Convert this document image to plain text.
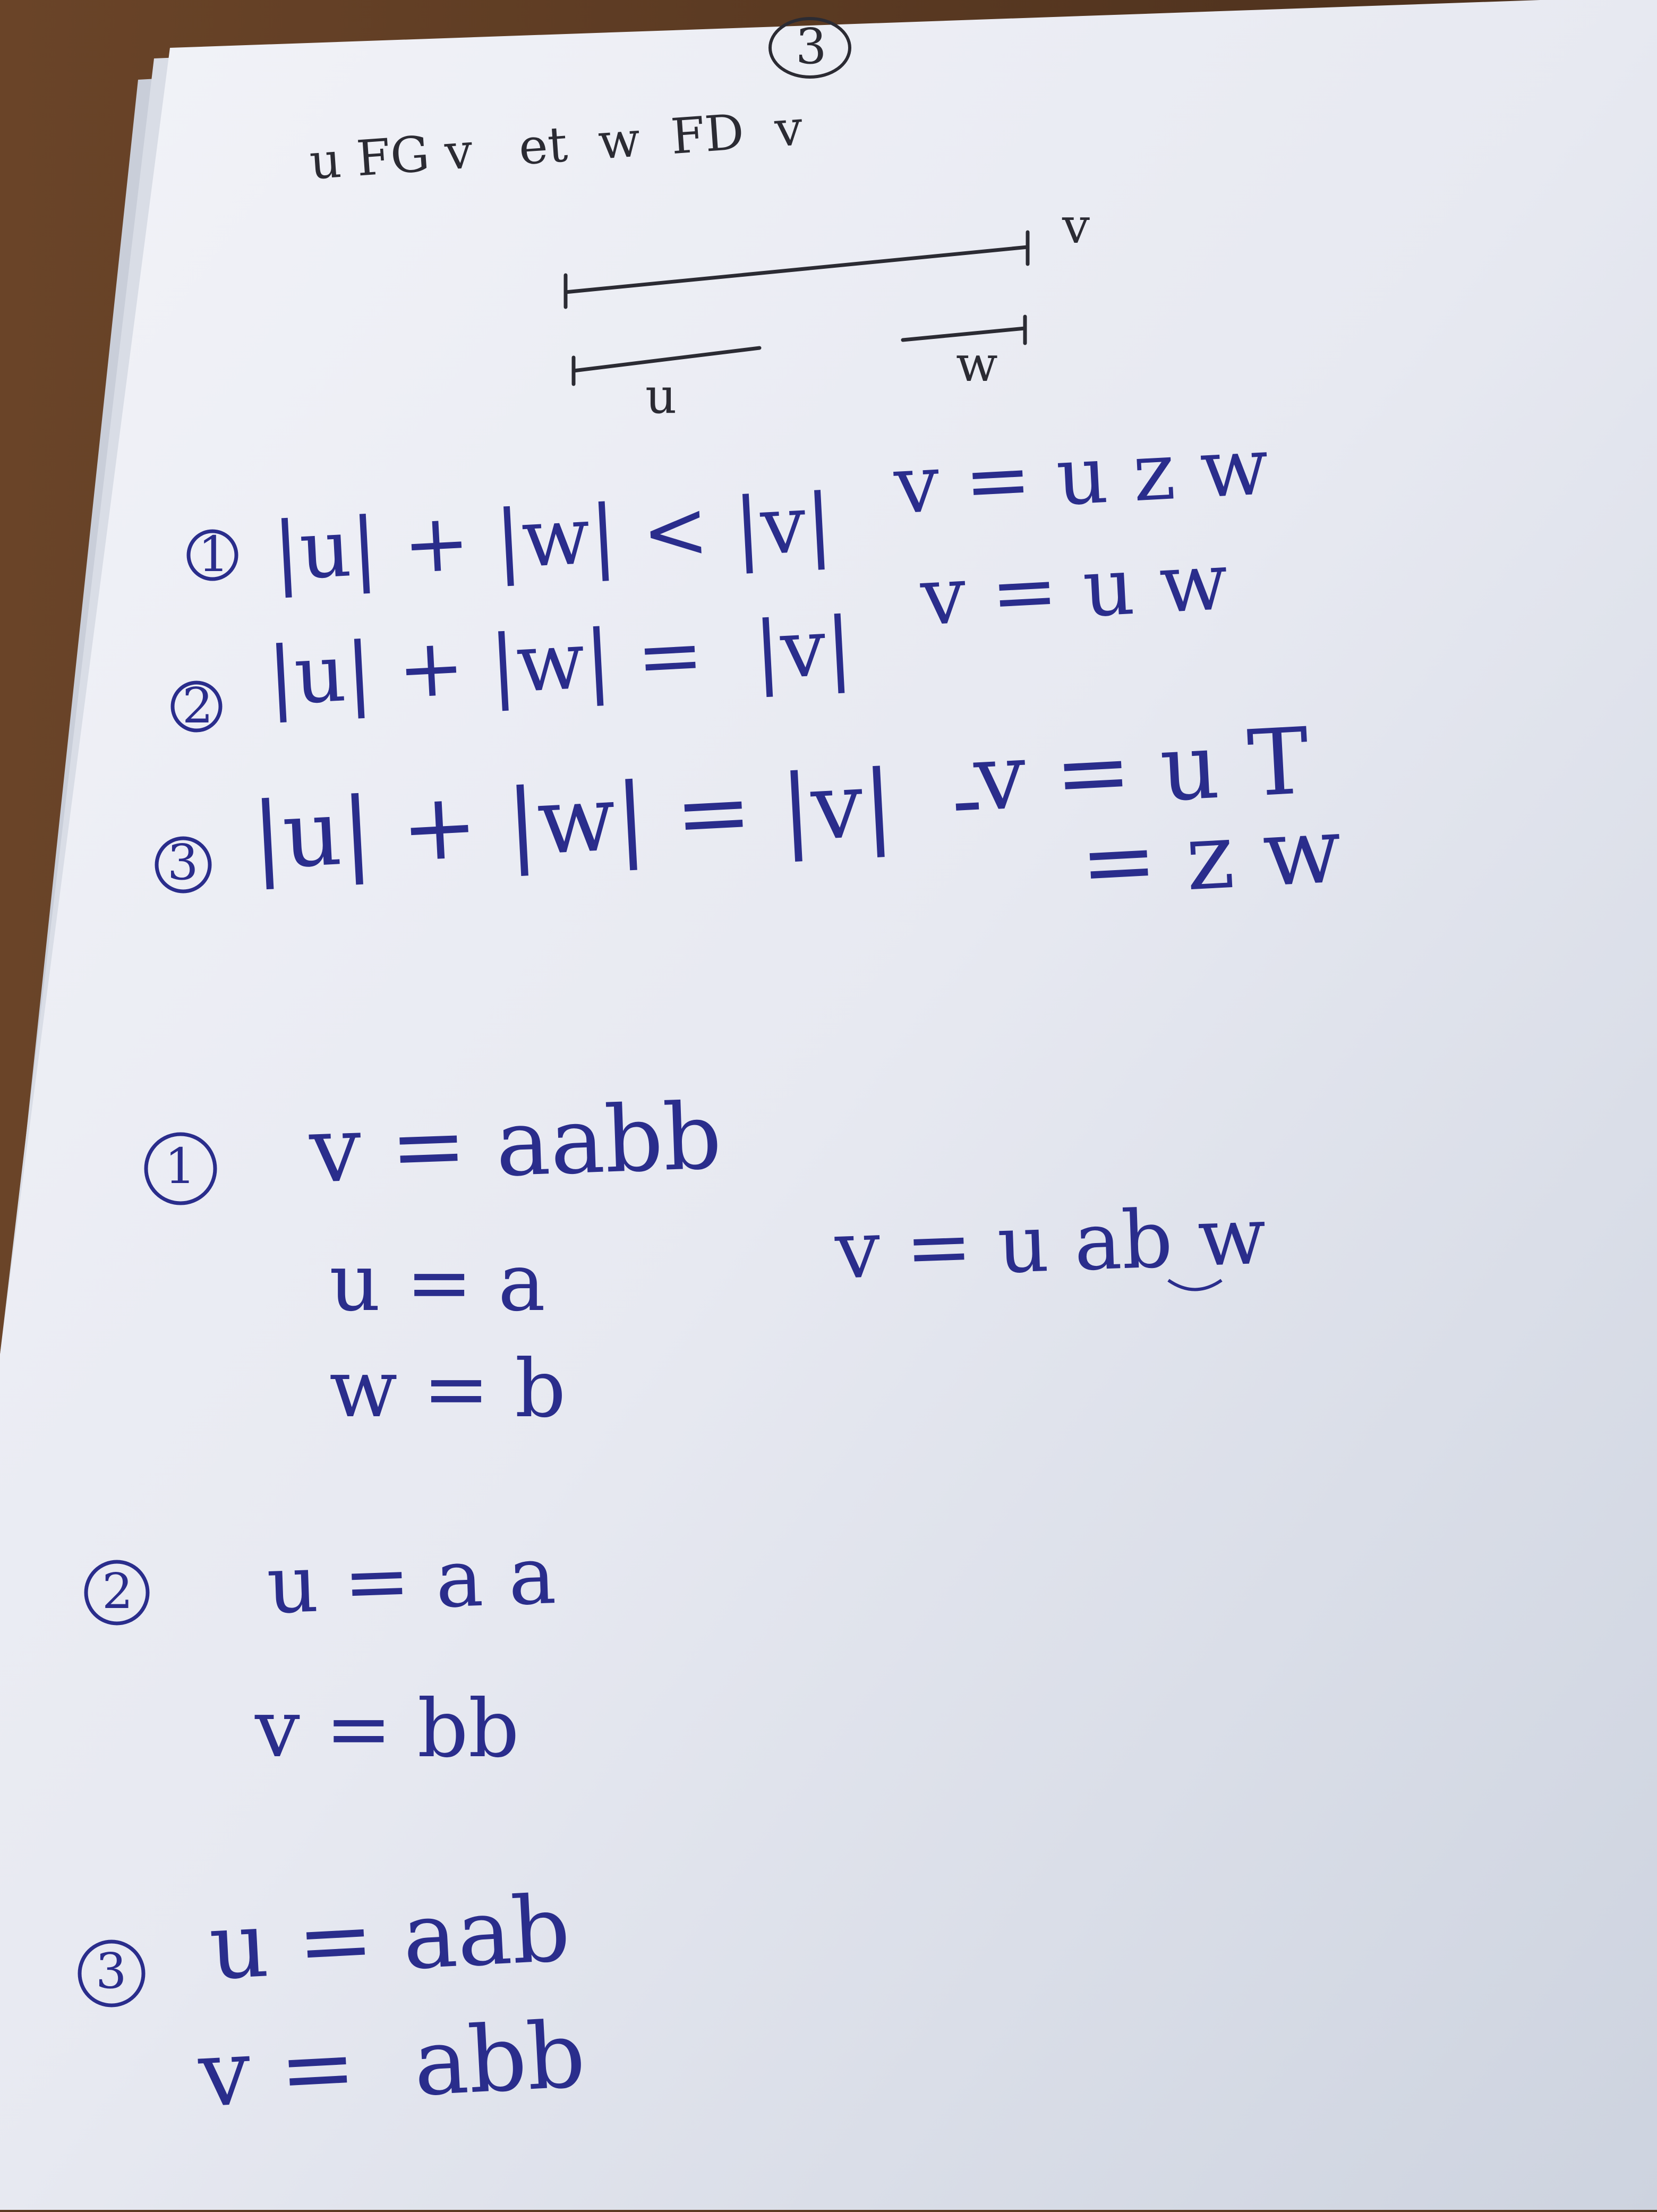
3
u FG v   et  w  FD  v
v
u
w
1 |u| + |w| < |v|
v = u z w
2 |u| + |w| =  |v|
v = u w
3 |u| + |w| = |v|  -
v = u T
= z w
1 v = aabb
u = a
w = b
v = u ab w
2 u = a a
v = bb
3 u = aab
v =  abb
